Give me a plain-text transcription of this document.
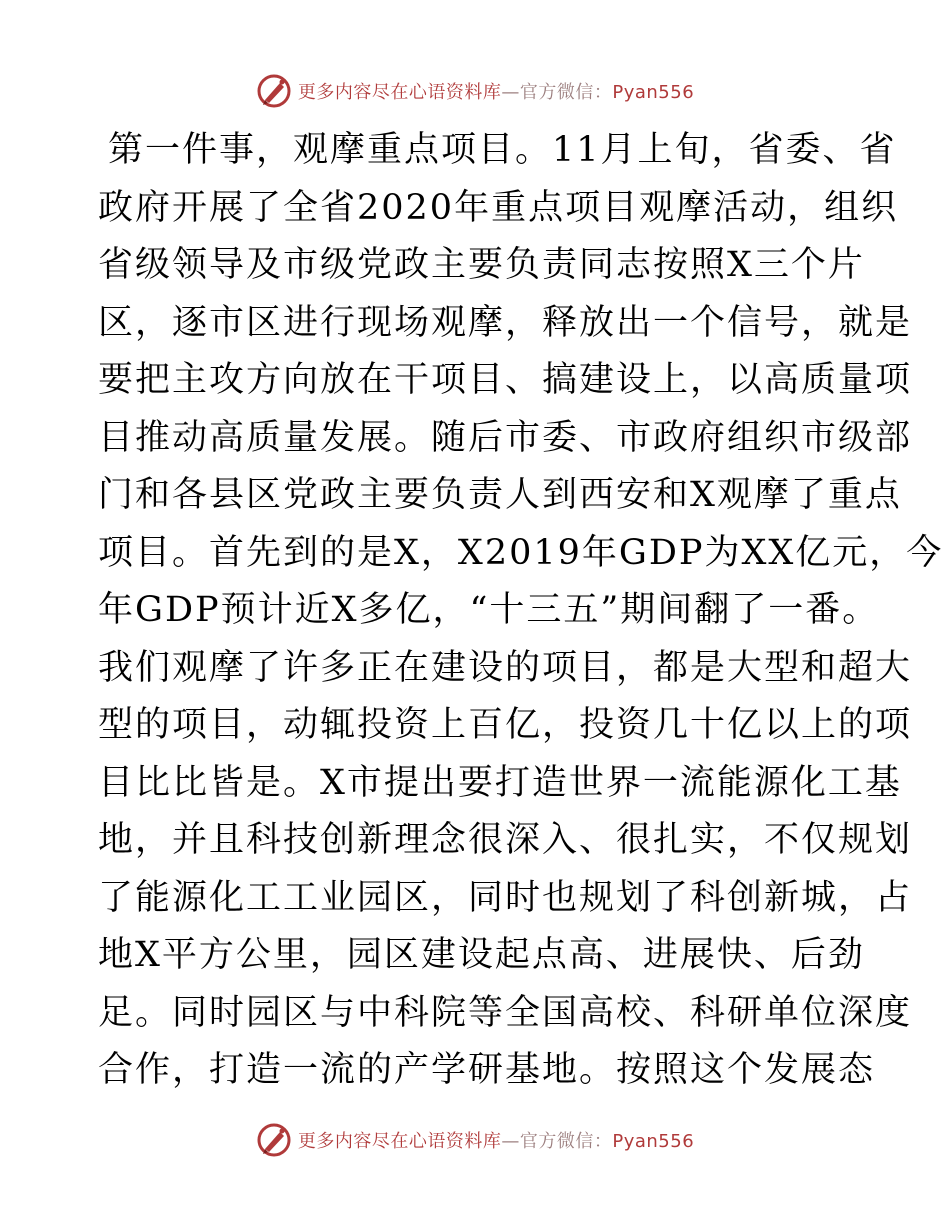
更多内容尽在心语资料库—官方微信：Pyan556
第一件事，观摩重点项目。11月上旬，省委、省
政府开展了全省2020年重点项目观摩活动，组织
省级领导及市级党政主要负责同志按照X三个片
区，逐市区进行现场观摩，释放出一个信号，就是
要把主攻方向放在干项目、搞建设上，以高质量项
目推动高质量发展。随后市委、市政府组织市级部
门和各县区党政主要负责人到西安和X观摩了重点
项目。首先到的是X，X2019年GDP为XX亿元，今
年GDP预计近X多亿，“十三五”期间翻了一番。
我们观摩了许多正在建设的项目，都是大型和超大
型的项目，动辄投资上百亿，投资几十亿以上的项
目比比皆是。X市提出要打造世界一流能源化工基
地，并且科技创新理念很深入、很扎实，不仅规划
了能源化工工业园区，同时也规划了科创新城，占
地X平方公里，园区建设起点高、进展快、后劲
足。同时园区与中科院等全国高校、科研单位深度
合作，打造一流的产学研基地。按照这个发展态
更多内容尽在心语资料库—官方微信：Pyan556
